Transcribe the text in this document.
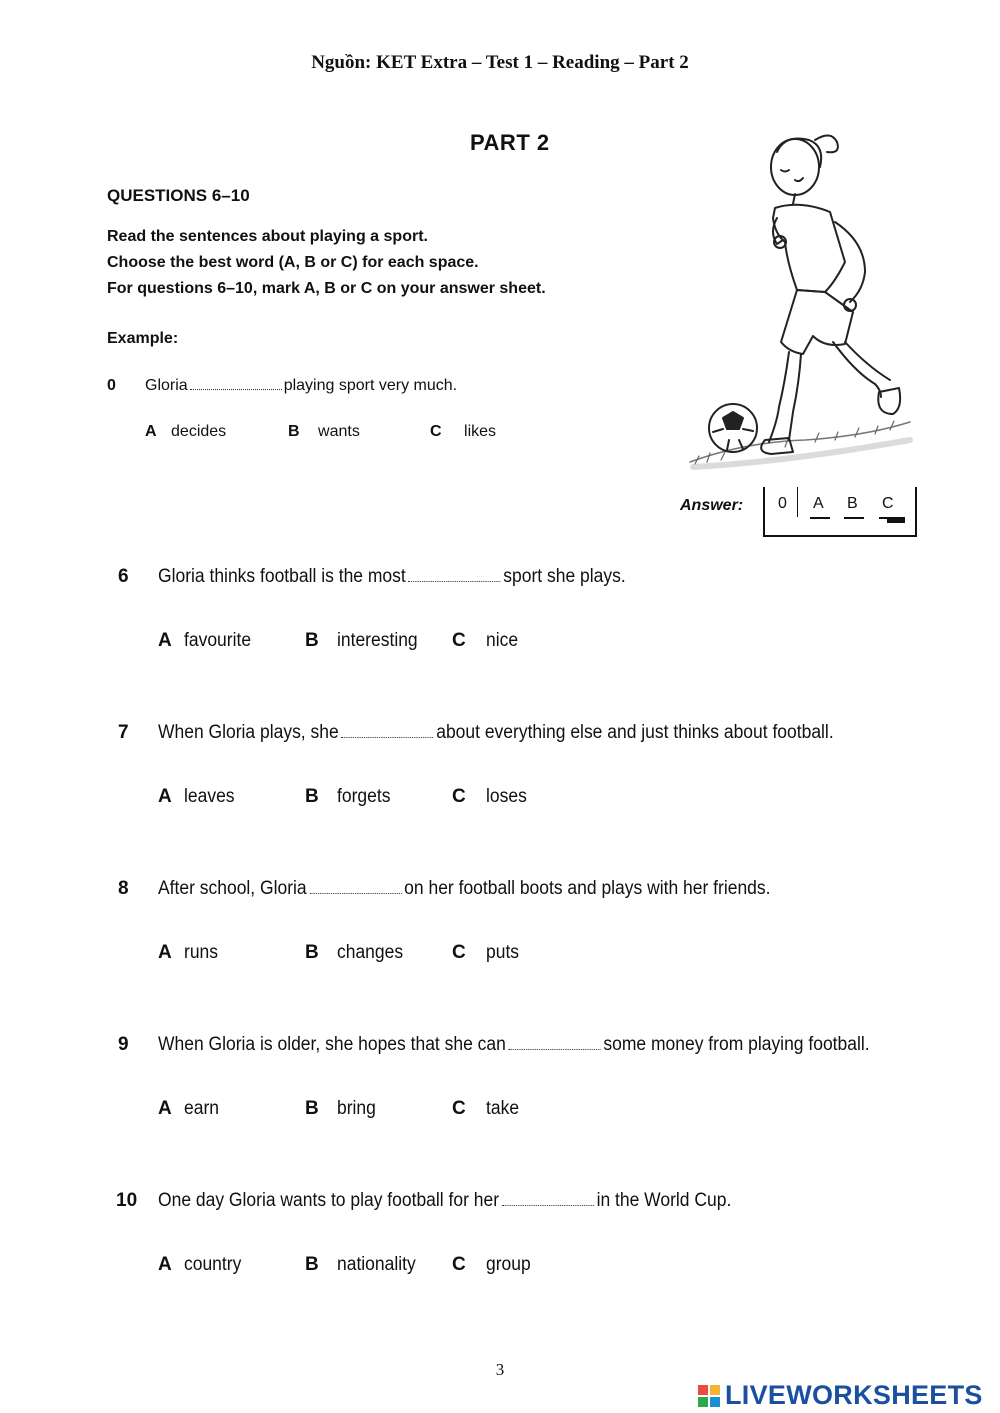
Nguồn: KET Extra – Test 1 – Reading – Part 2
PART 2
QUESTIONS 6–10
Read the sentences about playing a sport.
Choose the best word (A, B or C) for each space.
For questions 6–10, mark A, B or C on your answer sheet.
Example:
0 Gloria	playing sport very much.
A decides	B wants	C likes
Answer: 0 A B C
6 Gloria thinks football is the most	sport she plays.
A favourite	B interesting	C nice
7 When Gloria plays, she	about everything else and just thinks about football.
A leaves	B forgets	C loses
8 After school, Gloria	on her football boots and plays with her friends.
A runs	B changes	C puts
9 When Gloria is older, she hopes that she can	some money from playing football.
A earn	B bring	C take
10 One day Gloria wants to play football for her	in the World Cup.
A country	B nationality	C group
3
LIVEWORKSHEETS
